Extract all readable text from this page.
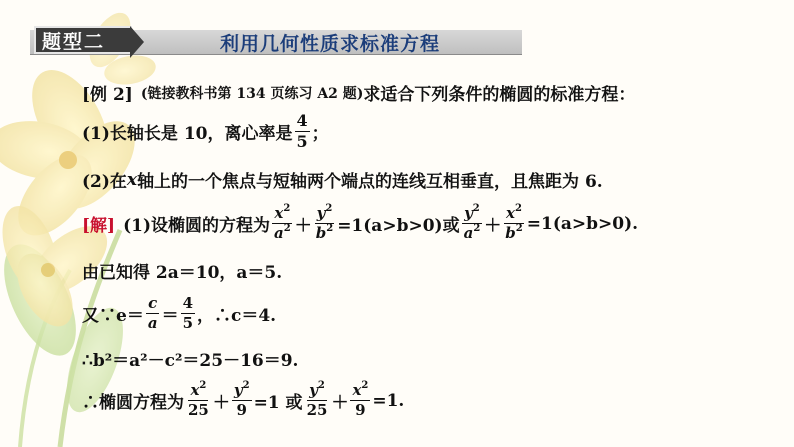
题型二	利用几何性质求标准方程
[例 2] (链接教科书第 134 页练习 A2 题) 求适合下列条件的椭圆的标准方程：
(1)长轴长是 10，离心率是 $\frac{4}{5}$ ；
(2)在 x 轴上的一个焦点与短轴两个端点的连线互相垂直，且焦距为 6.
[解] (1)设椭圆的方程为 $\frac{x^2}{a^2} + \frac{y^2}{b^2} =1(a>b>0)$或 $\frac{y^2}{a^2} + \frac{x^2}{b^2} =1(a>b>0)$.
由已知得 2a＝10，a＝5.
又∵e＝ $\frac{c}{a} = \frac{4}{5}$ ，∴c＝4.
∴b²＝a²－c²＝25－16＝9.
∴椭圆方程为 $\frac{x^2}{25} + \frac{y^2}{9} =1$ 或 $\frac{y^2}{25} + \frac{x^2}{9} =1$.
